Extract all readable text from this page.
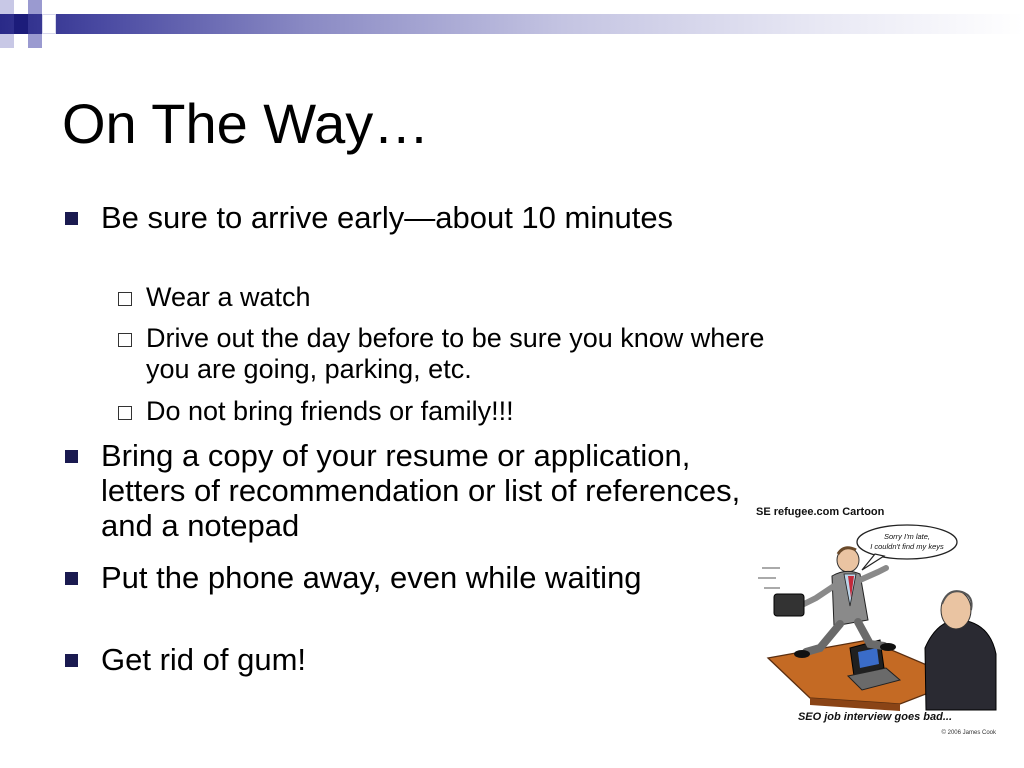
On The Way…
Be sure to arrive early—about 10 minutes
Wear a watch
Drive out the day before to be sure you know where you are going, parking, etc.
Do not bring friends or family!!!
Bring a copy of your resume or application, letters of recommendation or list of references, and a notepad
Put the phone away, even while waiting
Get rid of gum!
SE refugee.com Cartoon
Sorry I'm late,
I couldn't find my keys
SEO job interview goes bad...
© 2006 James Cook
